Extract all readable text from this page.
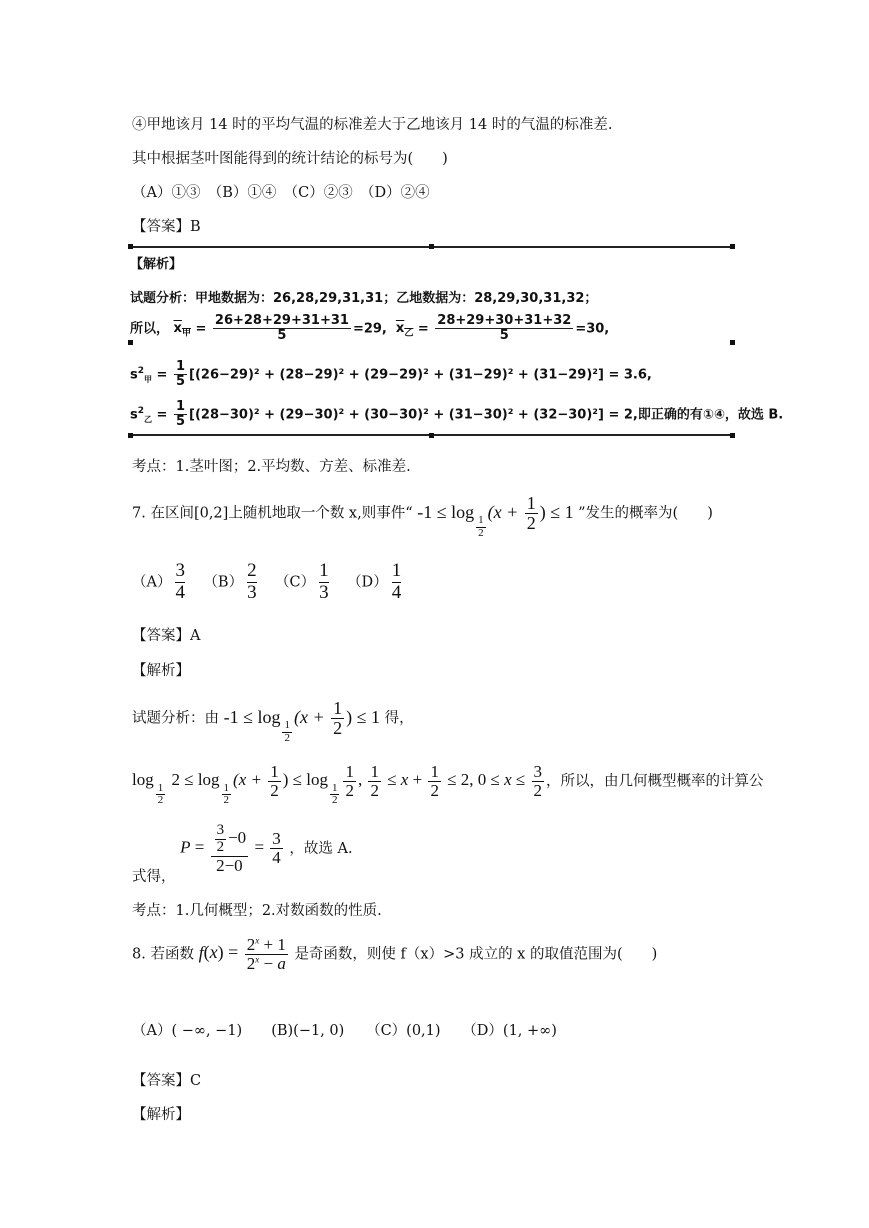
④甲地该月 14 时的平均气温的标准差大于乙地该月 14 时的气温的标准差.
其中根据茎叶图能得到的统计结论的标号为(　　)
（A）①③　（B）①④　（C）②③　（D）②④
【答案】B
【解析】
试题分析：甲地数据为：26,28,29,31,31；乙地数据为：28,29,30,31,32；
所以， $x_甲 = \frac{26+28+29+31+31}{5} =29$, $x_乙 = \frac{28+29+30+31+32}{5} =30$,
$s^2_甲 = \frac{1}{5} [(26-29)^2 + (28-29)^2 + (29-29)^2 + (31-29)^2 + (31-29)^2] = 3.6$,
$s^2_乙 = \frac{1}{5} [(28-30)^2 + (29-30)^2 + (30-30)^2 + (31-30)^2 + (32-30)^2] = 2$,即正确的有①④，故选 B.
考点：1.茎叶图；2.平均数、方差、标准差.
7. 在区间[0,2]上随机地取一个数 x,则事件“ -1 ≤ log
$_{\frac{1}{2}}$
($x + \frac{1}{2}$ ) ≤ 1 ”发生的概率为(　　)
$(A) \frac{3}{4} (B) \frac{2}{3} (C) \frac{1}{3} (D) \frac{1}{4}$
【答案】A
【解析】
试题分析：由 -1 ≤ log
$_{\frac{1}{2}}$
($x + \frac{1}{2}$ ) ≤ 1 得，
log
$_{\frac{1}{2}}$
2 ≤ log
$_{\frac{1}{2}}$
($x + \frac{1}{2}$ ) ≤ log
$_{\frac{1}{2}} \frac{1}{2}$ , $\frac{1}{2} \le x + \frac{1}{2} \le 2$, $0 \le x \le \frac{3}{2}$ ，所以，由几何概型概率的计算公
式得， $P = \frac{\frac{3}{2} -0}{2-0} = \frac{3}{4}$ ，故选 A.
考点：1.几何概型；2.对数函数的性质.
8. 若函数 $f(x) = \frac{2^x + 1}{2^x - a}$ 是奇函数，则使 f（x）>3 成立的 x 的取值范围为(　　)
（A）( −∞, −1)　　(B)(−1, 0)　　（C）(0,1)　　（D）(1, +∞)
【答案】C
【解析】
